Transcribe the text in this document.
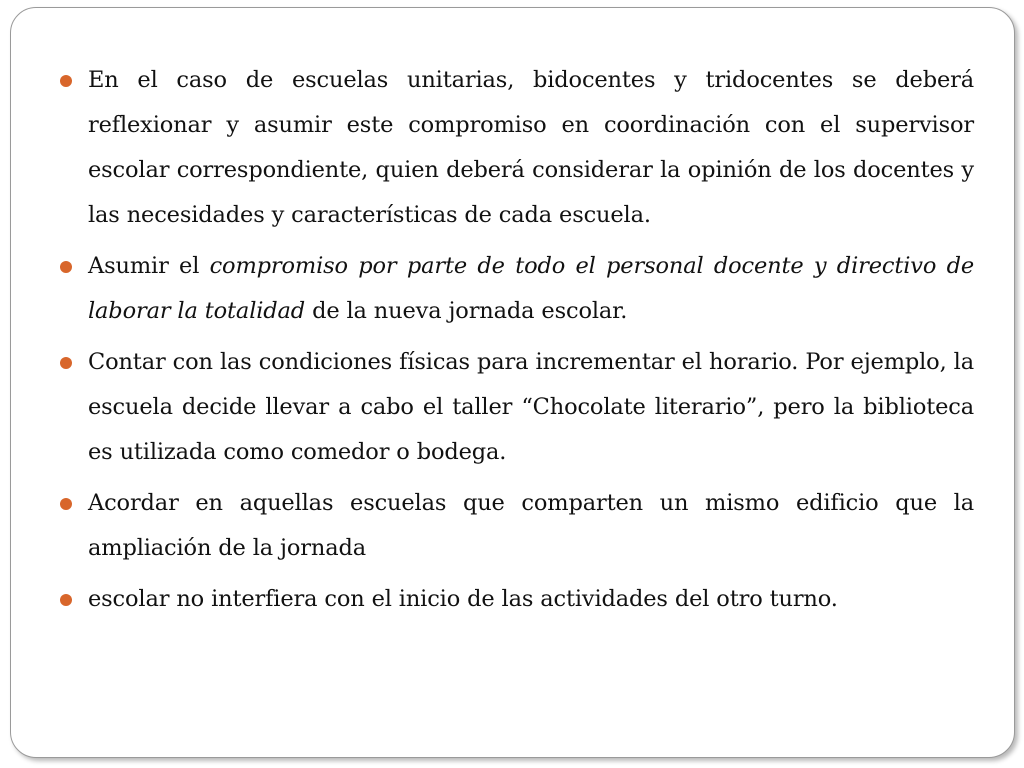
En el caso de escuelas unitarias, bidocentes y tridocentes se deberá reflexionar y asumir este compromiso en coordinación con el supervisor escolar correspondiente, quien deberá considerar la opinión de los docentes y las necesidades y características de cada escuela.
Asumir el compromiso por parte de todo el personal docente y directivo de laborar la totalidad de la nueva jornada escolar.
Contar con las condiciones físicas para incrementar el horario. Por ejemplo, la escuela decide llevar a cabo el taller “Chocolate literario”, pero la biblioteca es utilizada como comedor o bodega.
Acordar en aquellas escuelas que comparten un mismo edificio que la ampliación de la jornada
escolar no interfiera con el inicio de las actividades del otro turno.
